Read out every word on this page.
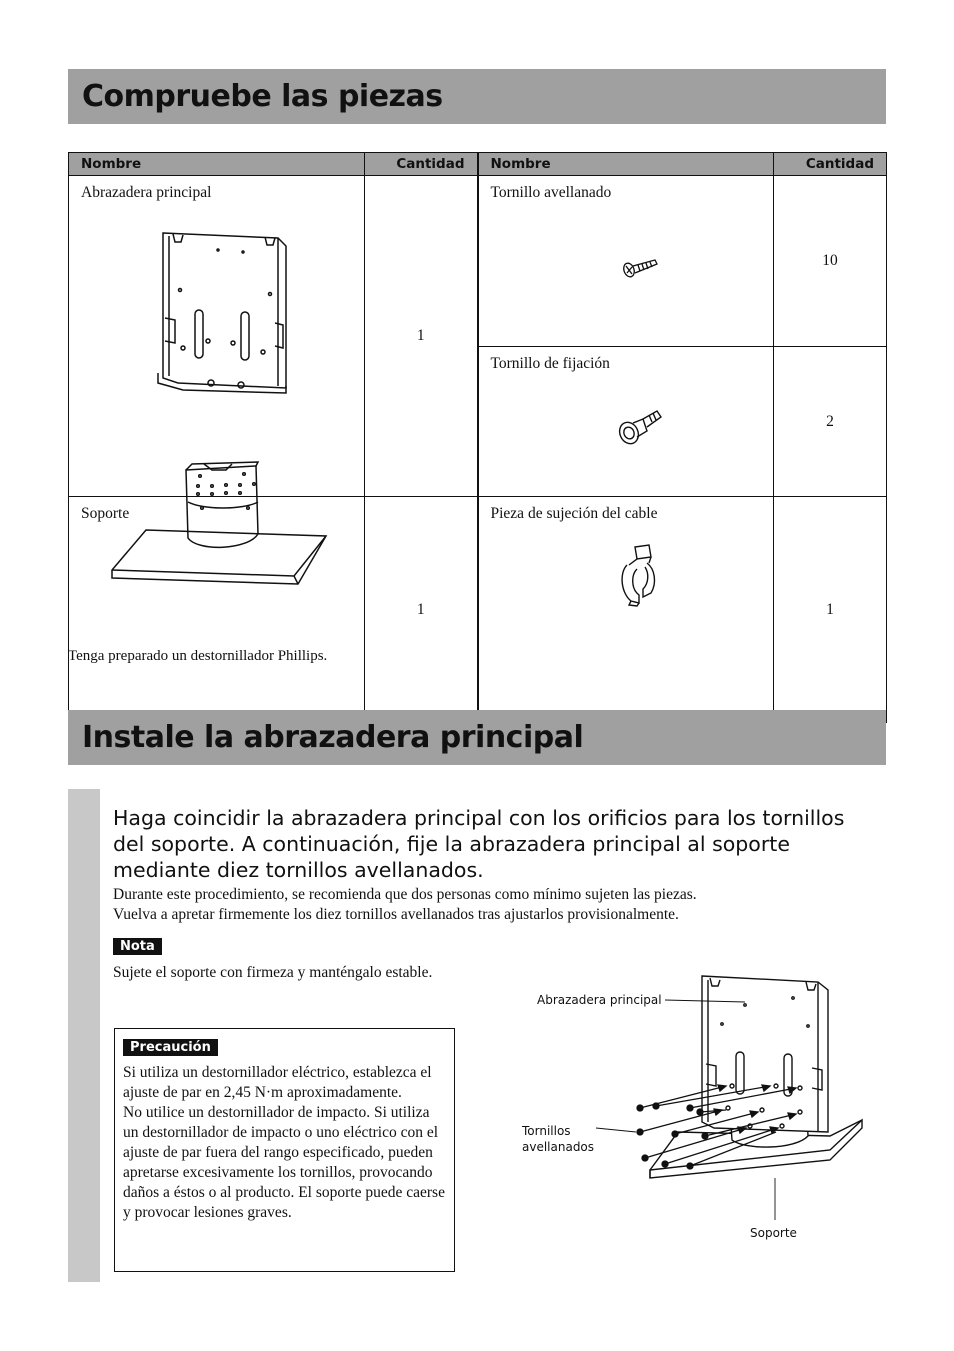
Compruebe las piezas
Nombre	Cantidad	Nombre	Cantidad

Abrazadera principal	1	Tornillo avellanado	10

		Tornillo de fijación	2

Soporte	1	Pieza de sujeción del cable	1
Tenga preparado un destornillador Phillips.
Instale la abrazadera principal
Haga coincidir la abrazadera principal con los orificios para los tornillos del soporte. A continuación, fije la abrazadera principal al soporte mediante diez tornillos avellanados.
Durante este procedimiento, se recomienda que dos personas como mínimo sujeten las piezas.
Vuelva a apretar firmemente los diez tornillos avellanados tras ajustarlos provisionalmente.
Nota
Sujete el soporte con firmeza y manténgalo estable.
Precaución
Si utiliza un destornillador eléctrico, establezca el ajuste de par en 2,45 N·m aproximadamente.
No utilice un destornillador de impacto. Si utiliza un destornillador de impacto o uno eléctrico con el ajuste de par fuera del rango especificado, pueden apretarse excesivamente los tornillos, provocando daños a éstos o al producto. El soporte puede caerse y provocar lesiones graves.
Abrazadera principal
Tornillos
avellanados
Soporte
